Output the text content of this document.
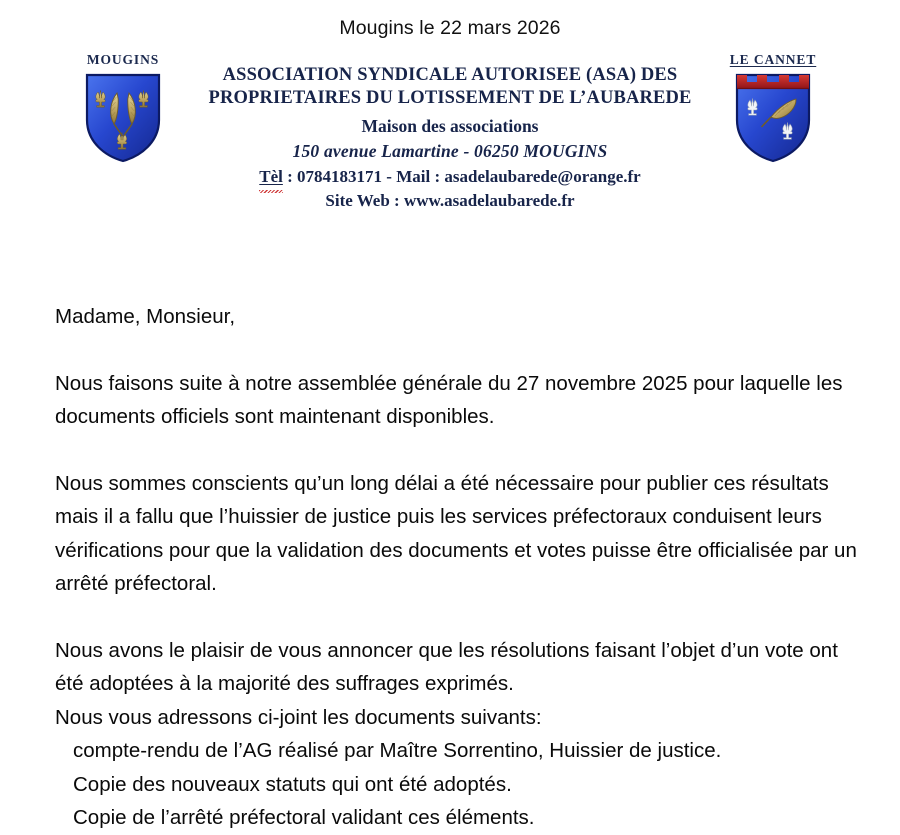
Mougins le 22 mars 2026
MOUGINS
ASSOCIATION SYNDICALE AUTORISEE (ASA) DES
PROPRIETAIRES DU LOTISSEMENT DE L’AUBAREDE
Maison des associations
150 avenue Lamartine - 06250 MOUGINS
Tèl : 0784183171 - Mail : asadelaubarede@orange.fr
Site Web : www.asadelaubarede.fr
LE CANNET
Madame, Monsieur,

Nous faisons suite à notre assemblée générale du 27 novembre 2025 pour laquelle les documents officiels sont maintenant disponibles.

Nous sommes conscients qu’un long délai a été nécessaire pour publier ces résultats mais il a fallu que l’huissier de justice puis les services préfectoraux conduisent leurs vérifications pour que la validation des documents et votes puisse être officialisée par un arrêté préfectoral.

Nous avons le plaisir de vous annoncer que les résolutions faisant l’objet d’un vote ont été adoptées à la majorité des suffrages exprimés.

Nous vous adressons ci-joint les documents suivants:

compte-rendu de l’AG réalisé par Maître Sorrentino, Huissier de justice.
Copie des nouveaux statuts qui ont été adoptés.
Copie de l’arrêté préfectoral validant ces éléments.
